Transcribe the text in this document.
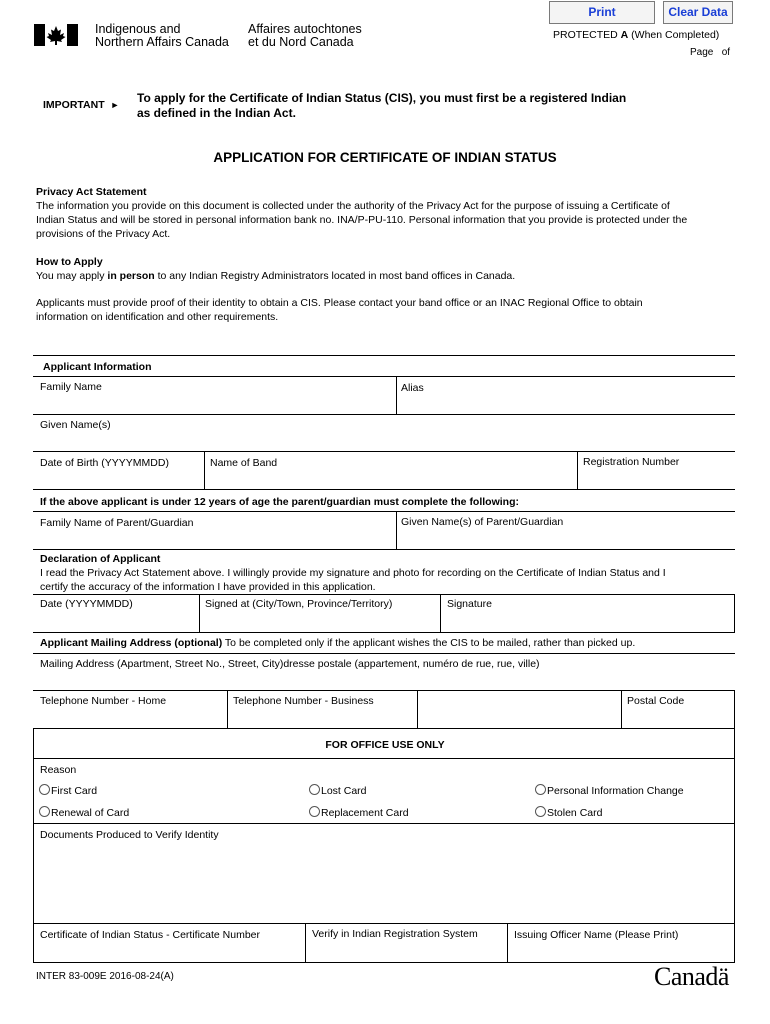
Print	Clear Data
Indigenous and
Northern Affairs Canada
Affaires autochtones
et du Nord Canada	PROTECTED A (When Completed)
Page   of
IMPORTANT ► To apply for the Certificate of Indian Status (CIS), you must first be a registered Indian
as defined in the Indian Act.
APPLICATION FOR CERTIFICATE OF INDIAN STATUS
Privacy Act Statement
The information you provide on this document is collected under the authority of the Privacy Act for the purpose of issuing a Certificate of
Indian Status and will be stored in personal information bank no. INA/P-PU-110. Personal information that you provide is protected under the
provisions of the Privacy Act.
How to Apply
You may apply in person to any Indian Registry Administrators located in most band offices in Canada.
Applicants must provide proof of their identity to obtain a CIS. Please contact your band office or an INAC Regional Office to obtain
information on identification and other requirements.
Applicant Information
Family Name	Alias
Given Name(s)
Date of Birth (YYYYMMDD)	Name of Band	Registration Number
If the above applicant is under 12 years of age the parent/guardian must complete the following:
Family Name of Parent/Guardian	Given Name(s) of Parent/Guardian
Declaration of Applicant
I read the Privacy Act Statement above. I willingly provide my signature and photo for recording on the Certificate of Indian Status and I
certify the accuracy of the information I have provided in this application.
Date (YYYYMMDD)	Signed at (City/Town, Province/Territory)	Signature
Applicant Mailing Address (optional) To be completed only if the applicant wishes the CIS to be mailed, rather than picked up.
Mailing Address (Apartment, Street No., Street, City)dresse postale (appartement, numéro de rue, rue, ville)
Telephone Number - Home	Telephone Number - Business	Postal Code
FOR OFFICE USE ONLY
Reason
First Card	Lost Card	Personal Information Change
Renewal of Card	Replacement Card	Stolen Card
Documents Produced to Verify Identity
Certificate of Indian Status - Certificate Number	Verify in Indian Registration System	Issuing Officer Name (Please Print)
INTER 83-009E 2016-08-24(A)	Canadä
